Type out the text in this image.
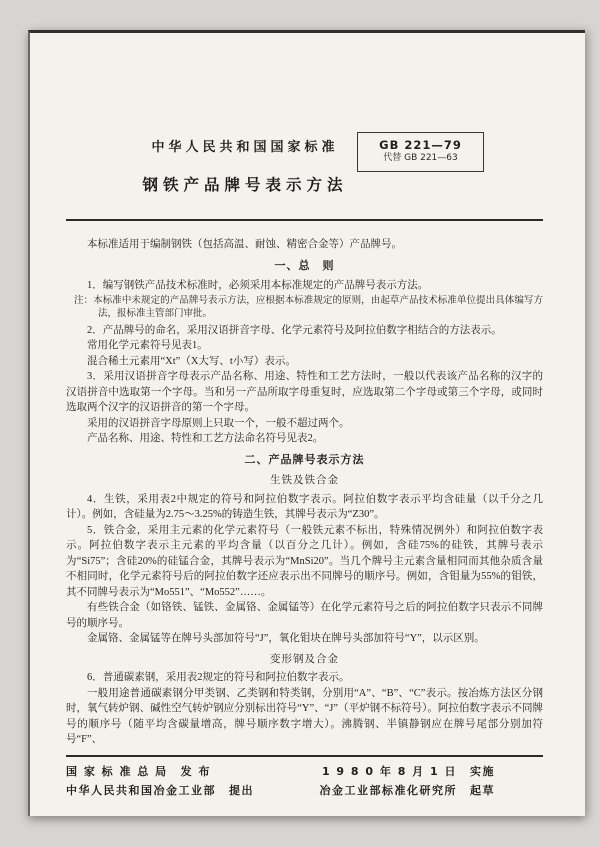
中华人民共和国国家标准
钢铁产品牌号表示方法
GB 221—79
代替 GB 221—63
本标准适用于编制钢铁（包括高温、耐蚀、精密合金等）产品牌号。
一、总　则
1．编写钢铁产品技术标准时，必须采用本标准规定的产品牌号表示方法。
注：本标准中未规定的产品牌号表示方法，应根据本标准规定的原则，由起草产品技术标准单位提出具体编写方法，报标准主管部门审批。
2．产品牌号的命名，采用汉语拼音字母、化学元素符号及阿拉伯数字相结合的方法表示。
常用化学元素符号见表1。
混合稀土元素用“Xt”（X大写、t小写）表示。
3．采用汉语拼音字母表示产品名称、用途、特性和工艺方法时，一般以代表该产品名称的汉字的汉语拼音中选取第一个字母。当和另一产品所取字母重复时，应选取第二个字母或第三个字母，或同时选取两个汉字的汉语拼音的第一个字母。
采用的汉语拼音字母原则上只取一个，一般不超过两个。
产品名称、用途、特性和工艺方法命名符号见表2。
二、产品牌号表示方法
生铁及铁合金
4．生铁，采用表2中规定的符号和阿拉伯数字表示。阿拉伯数字表示平均含硅量（以千分之几计）。例如，含硅量为2.75～3.25%的铸造生铁，其牌号表示为“Z30”。
5．铁合金，采用主元素的化学元素符号（一般铁元素不标出，特殊情况例外）和阿拉伯数字表示。阿拉伯数字表示主元素的平均含量（以百分之几计）。例如，含硅75%的硅铁，其牌号表示为“Si75”；含硅20%的硅锰合金，其牌号表示为“MnSi20”。当几个牌号主元素含量相同而其他杂质含量不相同时，化学元素符号后的阿拉伯数字还应表示出不同牌号的顺序号。例如，含钼量为55%的钼铁，其不同牌号表示为“Mo551”、“Mo552”……。
有些铁合金（如铬铁、锰铁、金属铬、金属锰等）在化学元素符号之后的阿拉伯数字只表示不同牌号的顺序号。
金属铬、金属锰等在牌号头部加符号“J”，氧化钼块在牌号头部加符号“Y”，以示区别。
变形钢及合金
6．普通碳素钢，采用表2规定的符号和阿拉伯数字表示。
一般用途普通碳素钢分甲类钢、乙类钢和特类钢，分别用“A”、“B”、“C”表示。按冶炼方法区分钢时，氧气转炉钢、碱性空气转炉钢应分别标出符号“Y”、“J”（平炉钢不标符号）。阿拉伯数字表示不同牌号的顺序号（随平均含碳量增高，牌号顺序数字增大）。沸腾钢、半镇静钢应在牌号尾部分别加符号“F”、
国 家 标 准 总 局 发 布	1 9 8 0 年 8 月 1 日 实施
中华人民共和国冶金工业部 提出	冶金工业部标准化研究所 起草
